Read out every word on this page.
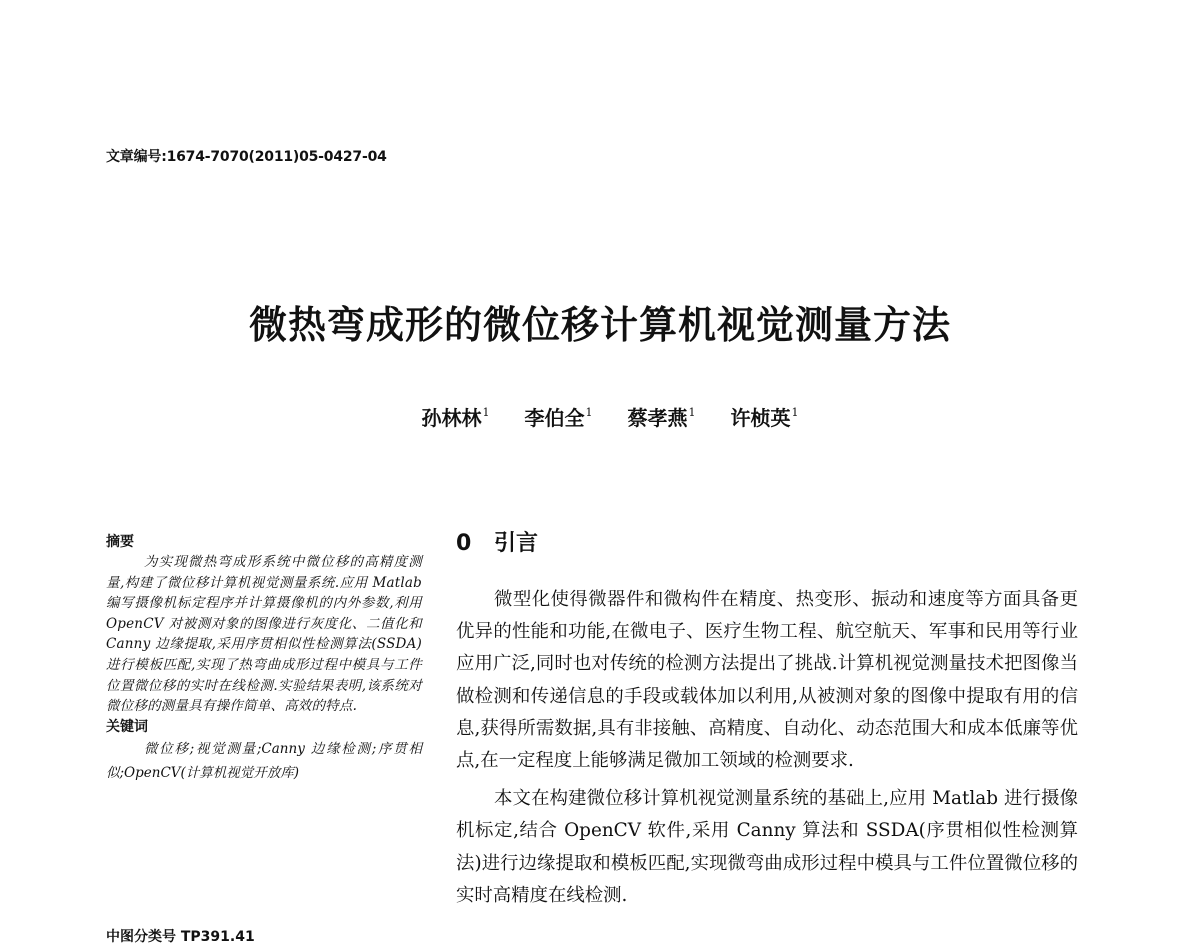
文章编号:1674-7070(2011)05-0427-04
微热弯成形的微位移计算机视觉测量方法
孙林林$^1$ 李伯全$^1$ 蔡孝燕$^1$ 许桢英$^1$
摘要
为实现微热弯成形系统中微位移的高精度测量,构建了微位移计算机视觉测量系统.应用 Matlab 编写摄像机标定程序并计算摄像机的内外参数,利用 OpenCV 对被测对象的图像进行灰度化、二值化和 Canny 边缘提取,采用序贯相似性检测算法(SSDA)进行模板匹配,实现了热弯曲成形过程中模具与工件位置微位移的实时在线检测.实验结果表明,该系统对微位移的测量具有操作简单、高效的特点.
关键词
微位移;视觉测量;Canny 边缘检测;序贯相似;OpenCV(计算机视觉开放库)
中图分类号 TP391.41
0 引言

微型化使得微器件和微构件在精度、热变形、振动和速度等方面具备更优异的性能和功能,在微电子、医疗生物工程、航空航天、军事和民用等行业应用广泛,同时也对传统的检测方法提出了挑战.计算机视觉测量技术把图像当做检测和传递信息的手段或载体加以利用,从被测对象的图像中提取有用的信息,获得所需数据,具有非接触、高精度、自动化、动态范围大和成本低廉等优点,在一定程度上能够满足微加工领域的检测要求.

本文在构建微位移计算机视觉测量系统的基础上,应用 Matlab 进行摄像机标定,结合 OpenCV 软件,采用 Canny 算法和 SSDA(序贯相似性检测算法)进行边缘提取和模板匹配,实现微弯曲成形过程中模具与工件位置微位移的实时高精度在线检测.
